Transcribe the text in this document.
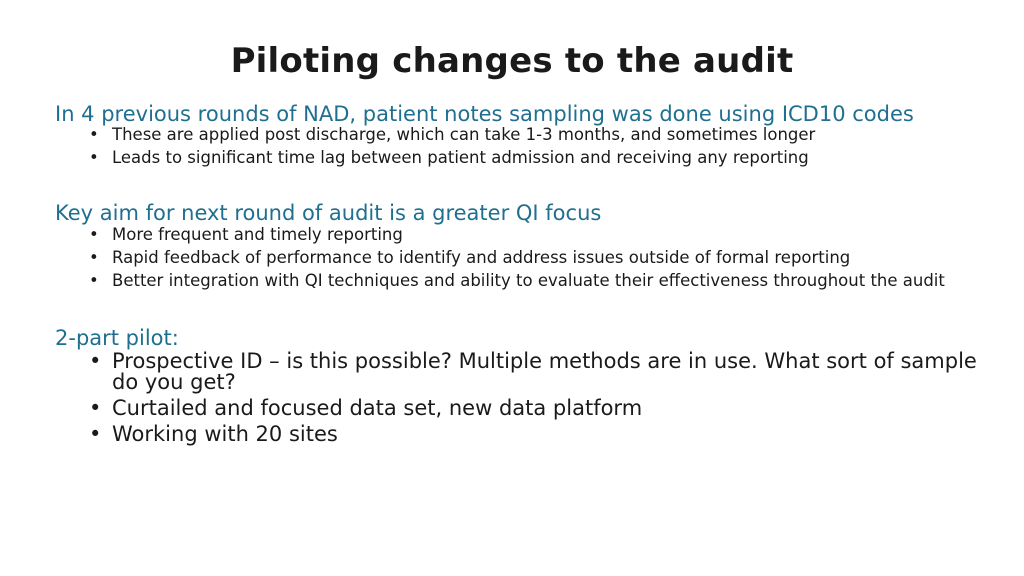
Piloting changes to the audit

In 4 previous rounds of NAD, patient notes sampling was done using ICD10 codes

• These are applied post discharge, which can take 1-3 months, and sometimes longer
• Leads to significant time lag between patient admission and receiving any reporting

Key aim for next round of audit is a greater QI focus

• More frequent and timely reporting
• Rapid feedback of performance to identify and address issues outside of formal reporting
• Better integration with QI techniques and ability to evaluate their effectiveness throughout the audit

2-part pilot:

• Prospective ID – is this possible? Multiple methods are in use. What sort of sample do you get?
• Curtailed and focused data set, new data platform
• Working with 20 sites
